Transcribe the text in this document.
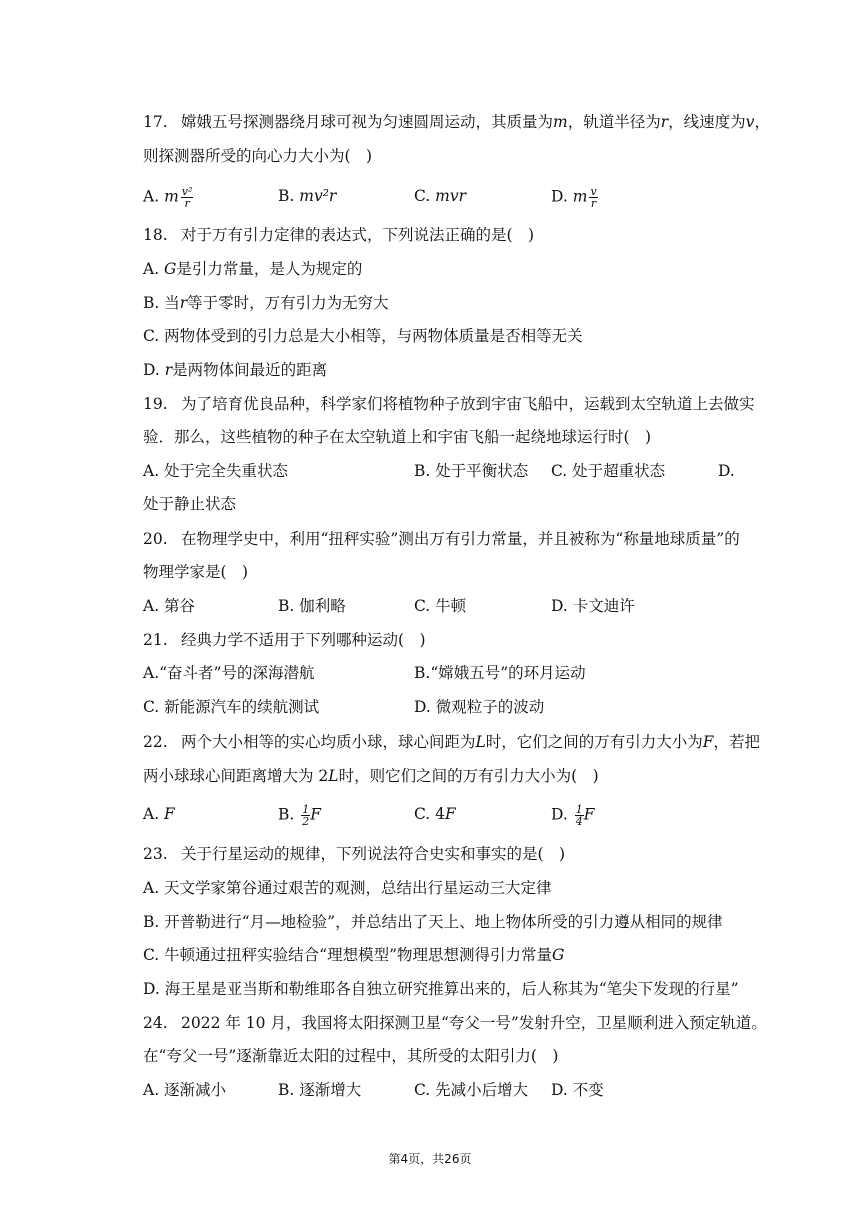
17. 嫦娥五号探测器绕月球可视为匀速圆周运动，其质量为m，轨道半径为r，线速度为v，
则探测器所受的向心力大小为(　)
A. m $\frac{\text{v²}}{r}$	B. mv²r	C. mvr	D. m $\frac{v}{r}$
18. 对于万有引力定律的表达式，下列说法正确的是(　)
A. 𝐺是引力常量，是人为规定的
B. 当𝑟等于零时，万有引力为无穷大
C. 两物体受到的引力总是大小相等，与两物体质量是否相等无关
D. 𝑟是两物体间最近的距离
19. 为了培育优良品种，科学家们将植物种子放到宇宙飞船中，运载到太空轨道上去做实
验．那么，这些植物的种子在太空轨道上和宇宙飞船一起绕地球运行时(　)
A. 处于完全失重状态	B. 处于平衡状态 C. 处于超重状态	D.
处于静止状态
20. 在物理学史中，利用“扭秤实验”测出万有引力常量，并且被称为“称量地球质量”的
物理学家是(　)
A. 第谷	B. 伽利略	C. 牛顿	D. 卡文迪许
21. 经典力学不适用于下列哪种运动(　)
A.“奋斗者”号的深海潜航	B.“嫦娥五号”的环月运动
C. 新能源汽车的续航测试	D. 微观粒子的波动
22. 两个大小相等的实心均质小球，球心间距为𝐿时，它们之间的万有引力大小为𝐹，若把
两小球球心间距离增大为 2𝐿时，则它们之间的万有引力大小为(　)
A. 𝐹	B. $\frac{1}{2}$ 𝐹	C. 4𝐹	D. $\frac{1}{4}$ 𝐹
23. 关于行星运动的规律，下列说法符合史实和事实的是(　)
A. 天文学家第谷通过艰苦的观测，总结出行星运动三大定律
B. 开普勒进行“月—地检验”，并总结出了天上、地上物体所受的引力遵从相同的规律
C. 牛顿通过扭秤实验结合“理想模型”物理思想测得引力常量𝐺
D. 海王星是亚当斯和勒维耶各自独立研究推算出来的，后人称其为“笔尖下发现的行星”
24. 2022 年 10 月，我国将太阳探测卫星“夸父一号”发射升空，卫星顺利进入预定轨道。
在“夸父一号”逐渐靠近太阳的过程中，其所受的太阳引力(　)
A. 逐渐减小	B. 逐渐增大	C. 先减小后增大 D. 不变
第4页，共26页
